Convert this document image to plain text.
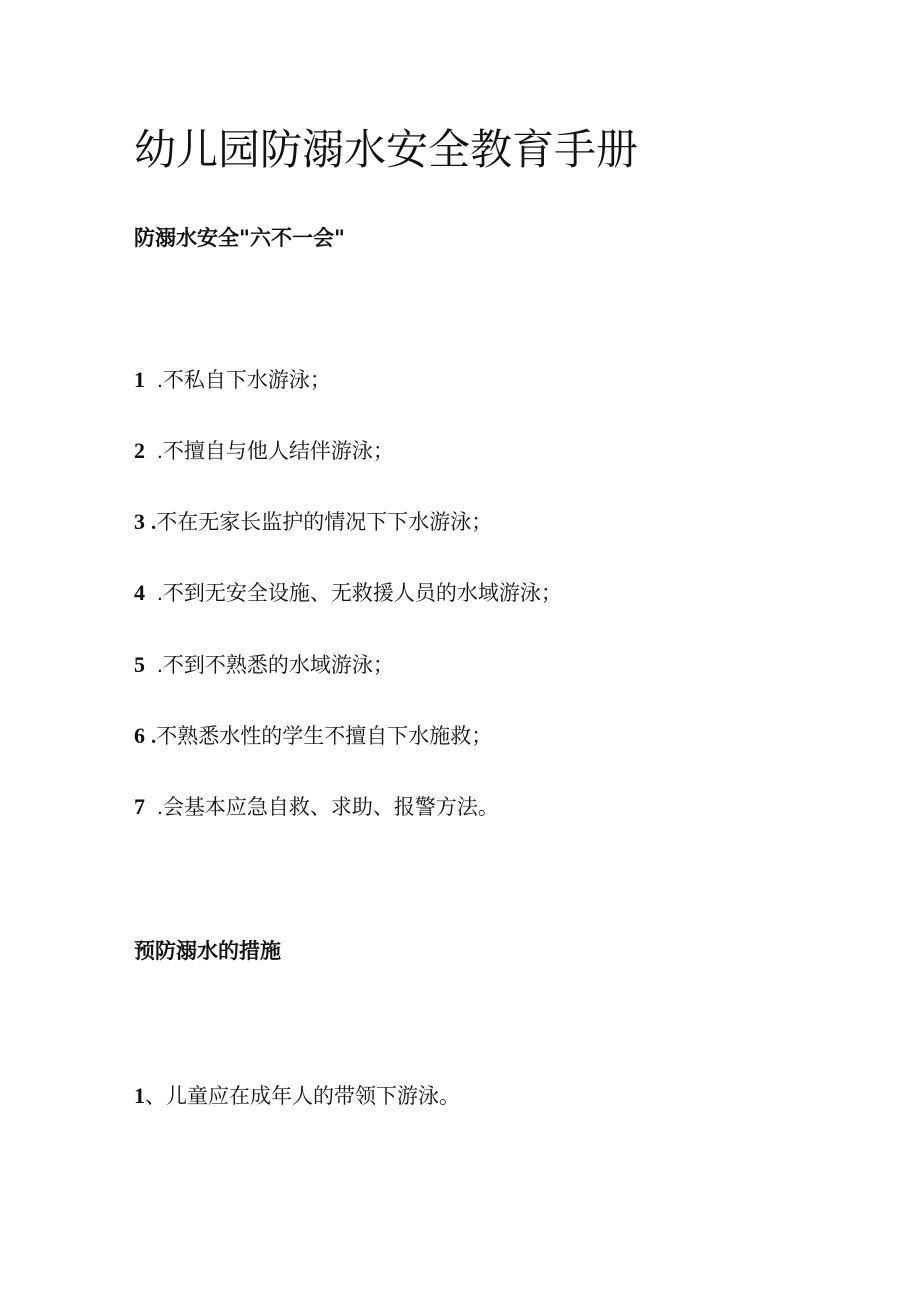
幼儿园防溺水安全教育手册
防溺水安全"六不一会"
1 . 不私自下水游泳；
2 . 不擅自与他人结伴游泳；
3 . 不在无家长监护的情况下下水游泳；
4 . 不到无安全设施、无救援人员的水域游泳；
5 . 不到不熟悉的水域游泳；
6 . 不熟悉水性的学生不擅自下水施救；
7 . 会基本应急自救、求助、报警方法。
预防溺水的措施
1 、 儿童应在成年人的带领下游泳。
